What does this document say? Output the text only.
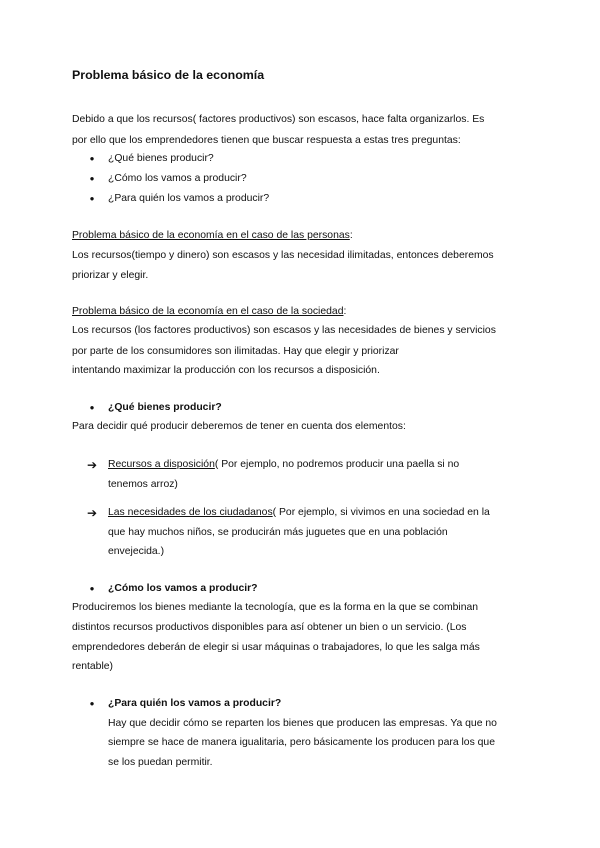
Problema básico de la economía
Debido a que los recursos( factores productivos) son escasos, hace falta organizarlos. Es
por ello que los emprendedores tienen que buscar respuesta a estas tres preguntas:
● ¿Qué bienes producir?
● ¿Cómo los vamos a producir?
● ¿Para quién los vamos a producir?
Problema básico de la economía en el caso de las personas:
Los recursos(tiempo y dinero) son escasos y las necesidad ilimitadas, entonces deberemos
priorizar y elegir.
Problema básico de la economía en el caso de la sociedad:
Los recursos (los factores productivos) son escasos y las necesidades de bienes y servicios
por parte de los consumidores son ilimitadas. Hay que elegir y priorizar
intentando maximizar la producción con los recursos a disposición.
● ¿Qué bienes producir?
Para decidir qué producir deberemos de tener en cuenta dos elementos:
➔ Recursos a disposición( Por ejemplo, no podremos producir una paella si no
tenemos arroz)
➔ Las necesidades de los ciudadanos( Por ejemplo, si vivimos en una sociedad en la
que hay muchos niños, se producirán más juguetes que en una población
envejecida.)
● ¿Cómo los vamos a producir?
Produciremos los bienes mediante la tecnología, que es la forma en la que se combinan
distintos recursos productivos disponibles para así obtener un bien o un servicio. (Los
emprendedores deberán de elegir si usar máquinas o trabajadores, lo que les salga más
rentable)
● ¿Para quién los vamos a producir?
Hay que decidir cómo se reparten los bienes que producen las empresas. Ya que no
siempre se hace de manera igualitaria, pero básicamente los producen para los que
se los puedan permitir.
